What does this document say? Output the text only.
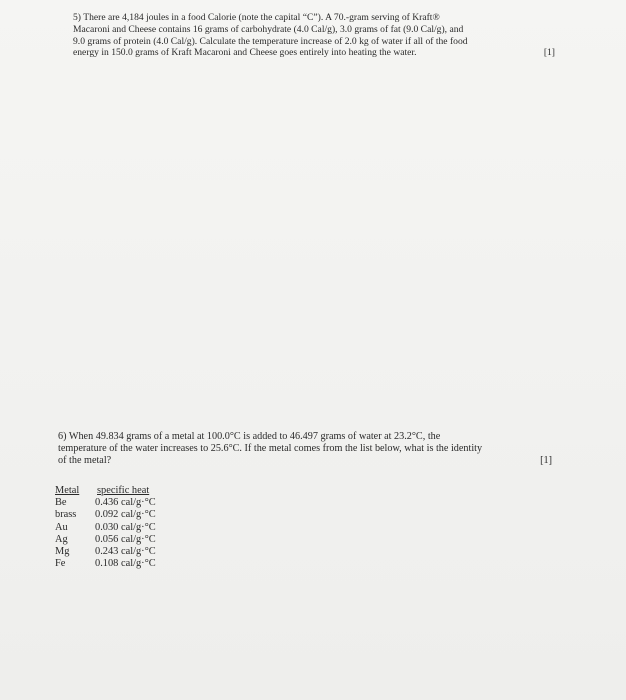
5) There are 4,184 joules in a food Calorie (note the capital “C”). A 70.-gram serving of Kraft®
Macaroni and Cheese contains 16 grams of carbohydrate (4.0 Cal/g), 3.0 grams of fat (9.0 Cal/g), and
9.0 grams of protein (4.0 Cal/g). Calculate the temperature increase of 2.0 kg of water if all of the food
energy in 150.0 grams of Kraft Macaroni and Cheese goes entirely into heating the water.	[1]
6) When 49.834 grams of a metal at 100.0°C is added to 46.497 grams of water at 23.2°C, the
temperature of the water increases to 25.6°C. If the metal comes from the list below, what is the identity
of the metal?	[1]
Metal	specific heat
Be	0.436 cal/g·°C
brass	0.092 cal/g·°C
Au	0.030 cal/g·°C
Ag	0.056 cal/g·°C
Mg	0.243 cal/g·°C
Fe	0.108 cal/g·°C
